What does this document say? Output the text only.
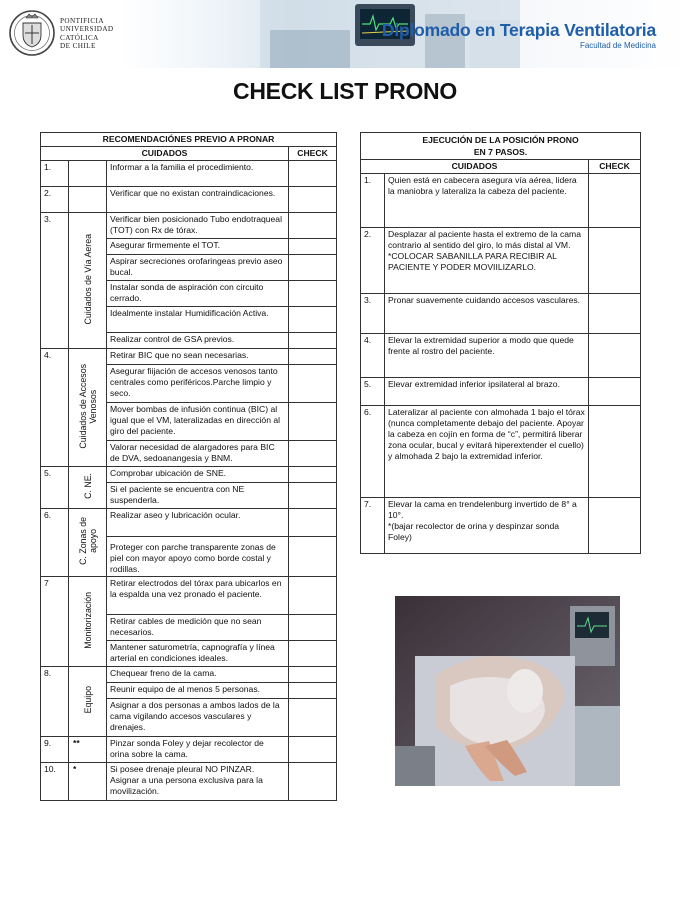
PONTIFICIA
UNIVERSIDAD
CATÓLICA
DE CHILE
Diplomado en Terapia Ventilatoria
Facultad de Medicina
CHECK LIST PRONO
RECOMENDACIÓNES PREVIO A PRONAR			
CUIDADOS			CHECK
1.		Informar a la familia el procedimiento.	
2.		Verificar que no existan contraindicaciones.	
3.	Cuidados de Vía Aerea	Verificar bien posicionado Tubo endotraqueal (TOT) con Rx de tórax.	
		Asegurar firmemente el TOT.	
		Aspirar secreciones orofaringeas previo aseo bucal.	
		Instalar sonda de aspiración con circuito cerrado.	
		Idealmente instalar Humidificación Activa.	
		Realizar control de GSA previos.	
4.	Cuidados de Accesos
Venosos	Retirar BIC que no sean necesarias.	
		Asegurar fiijación de accesos venosos tanto centrales como periféricos.Parche limpio y seco.	
		Mover bombas de infusión continua (BIC) al igual que el VM, lateralizadas en dirección al giro del paciente.	
		Valorar necesidad de alargadores para BIC de DVA, sedoanangesia y BNM.	
5.	C. NE.	Comprobar ubicación de SNE.	
		Si el paciente se encuentra con NE suspenderla.	
6.	C. Zonas de
apoyo	Realizar aseo y lubricación ocular.	
		Proteger con parche transparente zonas de piel con mayor apoyo como borde costal y rodillas.	
7	Monitorización	Retirar electrodos del tórax para ubicarlos en la espalda una vez pronado el paciente.	
		Retirar cables de medición que no sean necesarios.	
		Mantener saturometría, capnografía y línea arterial en condiciones ideales.	
8.	Equipo	Chequear freno de la cama.	
		Reunir equipo de al menos 5 personas.	
		Asignar a dos personas a ambos lados de la cama vigilando accesos vasculares y drenajes.	
9.	**	Pinzar sonda Foley y dejar recolector de orina sobre la cama.	
10.	*	Si posee drenaje pleural NO PINZAR. Asignar a una persona exclusiva para la movilización.	
EJECUCIÓN DE LA POSICIÓN PRONO
EN 7 PASOS.		

CUIDADOS		CHECK
1.	Quien está en cabecera asegura vía aérea, lidera la maniobra y lateraliza la cabeza del paciente.	
2.	Desplazar al paciente hasta el extremo de la cama contrario al sentido del giro, lo más distal al VM.
*COLOCAR SABANILLA PARA RECIBIR AL PACIENTE Y PODER MOVIILIZARLO.	

3.	Pronar suavemente cuidando accesos vasculares.	
4.	Elevar la extremidad superior a modo que quede frente al rostro del paciente.	
5.	Elevar extremidad inferior ipsilateral al brazo.	
6.	Lateralizar al paciente con almohada 1 bajo el tórax (nunca completamente debajo del paciente. Apoyar la cabeza en cojín en forma de “c”, permitirá liberar zona ocular, bucal y evitará hiperextender el cuello) y almohada 2 bajo la extremidad inferior.	
7.	Elevar la cama en trendelenburg invertido de 8° a 10°.
*(bajar recolector de orina y despinzar sonda Foley)	
